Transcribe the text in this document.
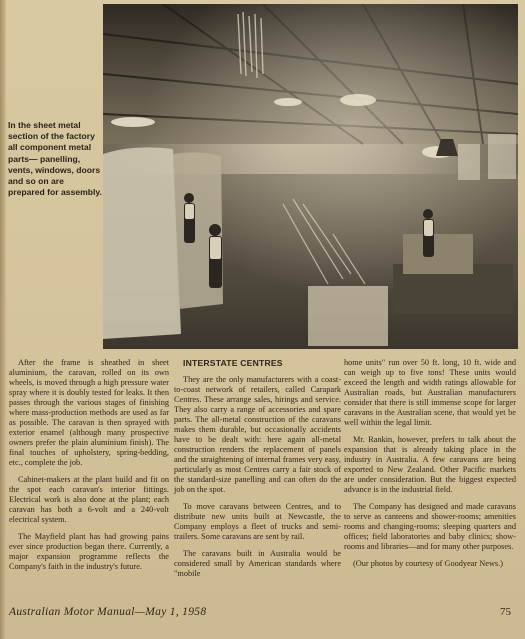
In the sheet metal section of the factory all component metal parts— panelling, vents, windows, doors and so on are prepared for assembly.

After the frame is sheathed in sheet aluminium, the caravan, rolled on its own wheels, is moved through a high pressure water spray where it is doubly tested for leaks. It then passes through the various stages of finishing where mass-production methods are used as far as possible. The caravan is then sprayed with exterior enamel (although many prospective owners prefer the plain aluminium finish). The final touches of upholstery, spring-bedding, etc., complete the job.

Cabinet-makers at the plant build and fit on the spot each caravan's interior fittings. Electrical work is also done at the plant; each caravan has both a 6-volt and a 240-volt electrical system.

The Mayfield plant has had growing pains ever since production began there. Currently, a major expansion programme reflects the Company's faith in the industry's future.

INTERSTATE CENTRES

They are the only manufacturers with a coast-to-coast network of retailers, called Carapark Centres. These arrange sales, hirings and service. They also carry a range of accessories and spare parts. The all-metal construction of the caravans makes them durable, but occasionally accidents have to be dealt with: here again all-metal construction renders the replacement of panels and the straightening of internal frames very easy, particularly as most Centres carry a fair stock of the standard-size panelling and can often do the job on the spot.

To move caravans between Centres, and to distribute new units built at Newcastle, the Company employs a fleet of trucks and semi-trailers. Some caravans are sent by rail.

The caravans built in Australia would be considered small by American standards where "mobile

home units" run over 50 ft. long, 10 ft. wide and can weigh up to five tons! These units would exceed the length and width ratings allowable for Australian roads, but Australian manufacturers consider that there is still immense scope for larger caravans in the Australian scene, that would yet be well within the legal limit.

Mr. Rankin, however, prefers to talk about the expansion that is already taking place in the industry in Australia. A few caravans are being exported to New Zealand. Other Pacific markets are under consideration. But the biggest expected advance is in the industrial field.

The Company has designed and made caravans to serve as canteens and shower-rooms; amenities rooms and changing-rooms; sleeping quarters and offices; field laboratories and baby clinics; show-rooms and libraries—and for many other purposes.

(Our photos by courtesy of Goodyear News.)

Australian Motor Manual—May 1, 1958	75
